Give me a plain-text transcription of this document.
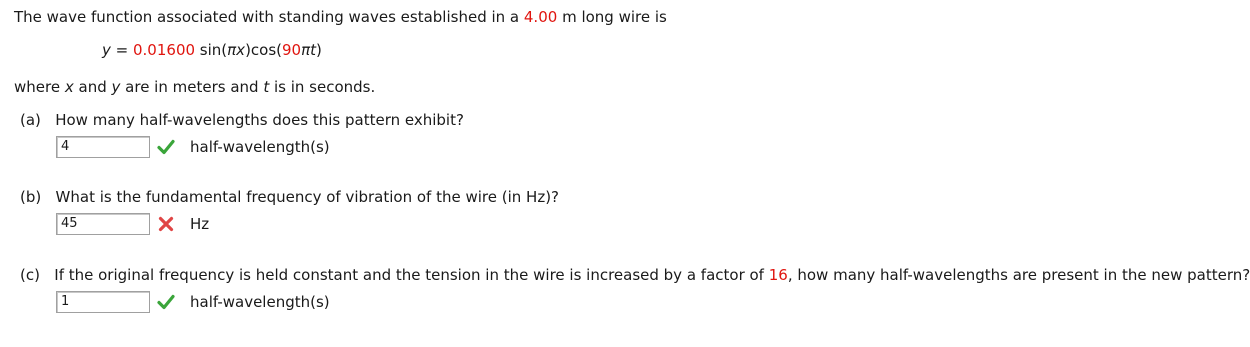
The wave function associated with standing waves established in a 4.00 m long wire is
y = 0.01600 sin(πx)cos(90πt)
where x and y are in meters and t is in seconds.
(a) How many half-wavelengths does this pattern exhibit?
4	half-wavelength(s)
(b) What is the fundamental frequency of vibration of the wire (in Hz)?
45	Hz
(c) If the original frequency is held constant and the tension in the wire is increased by a factor of 16, how many half-wavelengths are present in the new pattern?
1	half-wavelength(s)
